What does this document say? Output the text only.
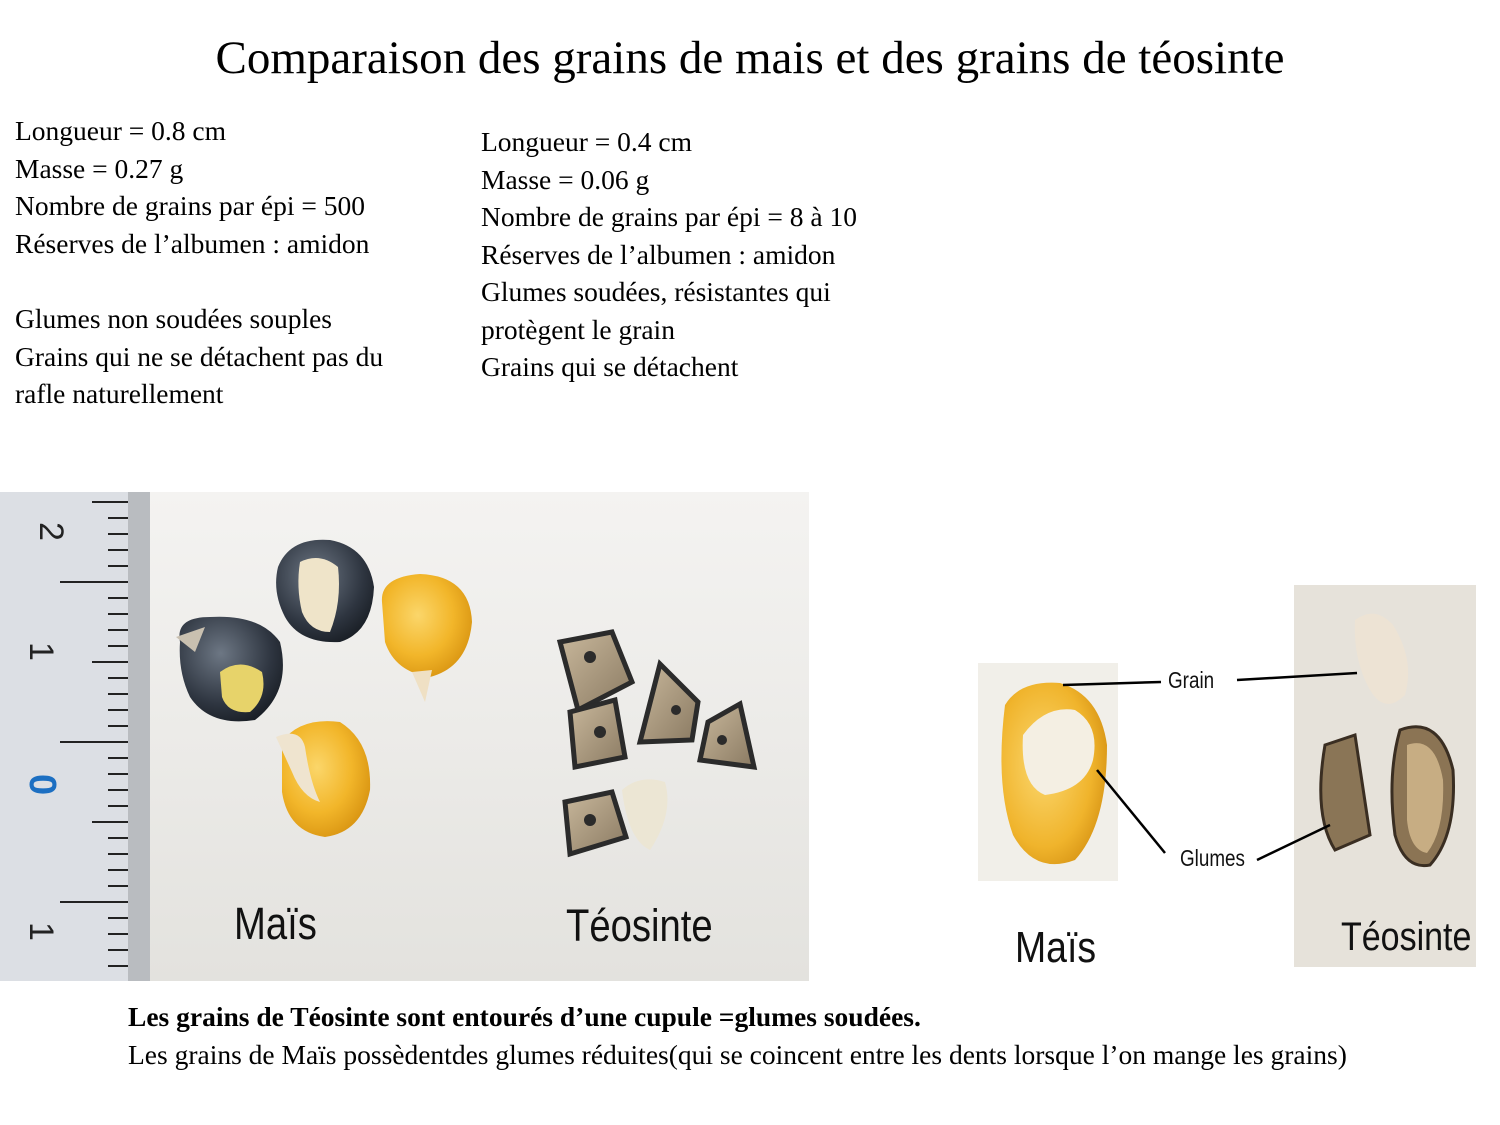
Comparaison des grains de mais et des grains de téosinte
Longueur = 0.8 cm
Masse = 0.27 g
Nombre de grains par épi = 500
Réserves de l’albumen : amidon
Glumes non soudées souples
Grains qui ne se détachent pas du
rafle naturellement
Longueur = 0.4 cm
Masse = 0.06 g
Nombre de grains par épi = 8 à 10
Réserves de l’albumen : amidon
Glumes soudées, résistantes qui
protègent le grain
Grains qui se détachent
2
1
0
1	Maïs	Téosinte
Grain
Glumes
Maïs	Téosinte
Les grains de Téosinte sont entourés d’une cupule =glumes soudées.
Les grains de Maïs possèdentdes glumes réduites(qui se coincent entre les dents lorsque l’on mange les grains)
